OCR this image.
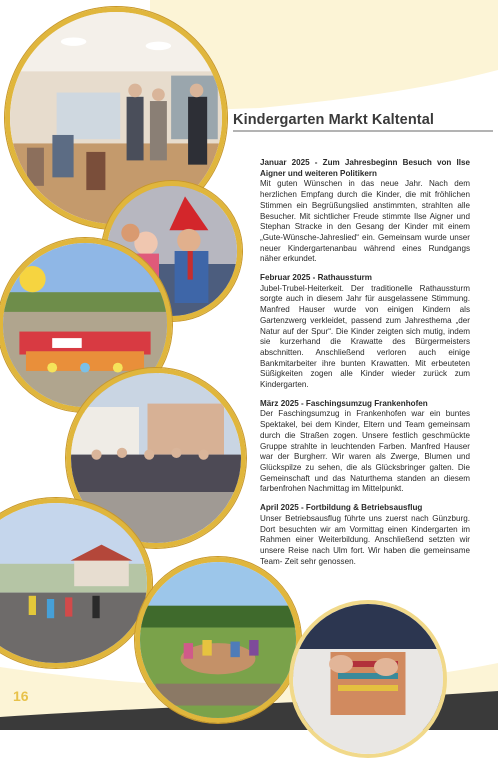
Kindergarten Markt Kaltental
Januar 2025 - Zum Jahresbeginn Besuch von Ilse Aigner und weiteren Politikern

Mit guten Wünschen in das neue Jahr. Nach dem herzlichen Empfang durch die Kinder, die mit fröhlichen Stimmen ein Begrüßungslied anstimmten, strahlten alle Besucher. Mit sichtlicher Freude stimmte Ilse Aigner und Stephan Stracke in den Gesang der Kinder mit einem „Gute-Wünsche-Jahreslied“ ein. Gemeinsam wurde unser neuer Kindergartenanbau während eines Rundgangs näher erkundet.

Februar 2025 - Rathaussturm

Jubel-Trubel-Heiterkeit. Der traditionelle Rathaussturm sorgte auch in diesem Jahr für ausgelassene Stimmung. Manfred Hauser wurde von einigen Kindern als Gartenzwerg verkleidet, passend zum Jahresthema „der Natur auf der Spur“. Die Kinder zeigten sich mutig, indem sie kurzerhand die Krawatte des Bürgermeisters abschnitten. Anschließend verloren auch einige Bankmitarbeiter ihre bunten Krawatten. Mit erbeuteten Süßigkeiten zogen alle Kinder wieder zurück zum Kindergarten.

März 2025 - Faschingsumzug Frankenhofen

Der Faschingsumzug in Frankenhofen war ein buntes Spektakel, bei dem Kinder, Eltern und Team gemeinsam durch die Straßen zogen. Unsere festlich geschmückte Gruppe strahlte in leuchtenden Farben. Manfred Hauser war der Burgherr. Wir waren als Zwerge, Blumen und Glückspilze zu sehen, die als Glücksbringer galten. Die Gemeinschaft und das Naturthema standen an diesem farbenfrohen Nachmittag im Mittelpunkt.

April 2025 - Fortbildung & Betriebsausflug

Unser Betriebsausflug führte uns zuerst nach Günzburg. Dort besuchten wir am Vormittag einen Kindergarten im Rahmen einer Weiterbildung. Anschließend setzten wir unsere Reise nach Ulm fort. Wir haben die gemeinsame Team- Zeit sehr genossen.

16
